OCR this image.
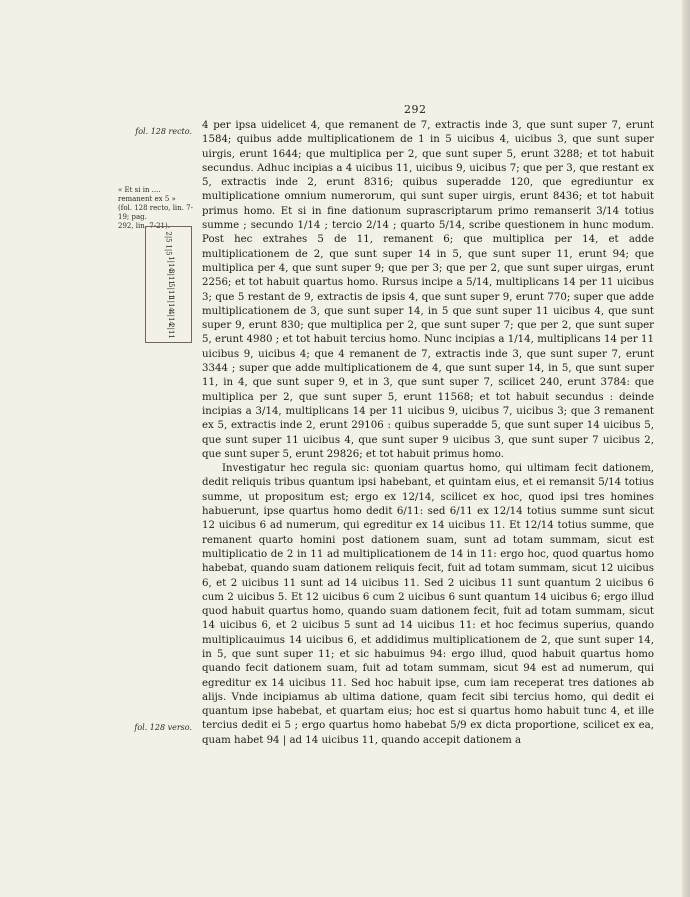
292
fol. 128 recto.

« Et si in .... remanent ex 5 »

(fol. 128 recto, lin. 7-19; pag.

292, lin. 7-21).

2|5
1|5
1|14
3|11
5|11
1|14
4|14
2|11

4 per ipsa uidelicet 4, que remanent de 7, extractis inde 3, que sunt super 7, erunt 1584; quibus adde multiplicationem de 1 in 5 uicibus 4, uicibus 3, que sunt super uirgis, erunt 1644; que multiplica per 2, que sunt super 5, erunt 3288; et tot habuit secundus. Adhuc incipias a 4 uicibus 11, uicibus 9, uicibus 7; que per 3, que restant ex 5, extractis inde 2, erunt 8316; quibus superadde 120, que egrediuntur ex multiplicatione omnium numerorum, qui sunt super uirgis, erunt 8436; et tot habuit primus homo. Et si in fine dationum suprascriptarum primo remanserit 3/14 totius summe ; secundo 1/14 ; tercio 2/14 ; quarto 5/14, scribe questionem in hunc modum. Post hec extrahes 5 de 11, remanent 6; que multiplica per 14, et adde multiplicationem de 2, que sunt super 14 in 5, que sunt super 11, erunt 94; que multiplica per 4, que sunt super 9; que per 3; que per 2, que sunt super uirgas, erunt 2256; et tot habuit quartus homo. Rursus incipe a 5/14, multiplicans 14 per 11 uicibus 3; que 5 restant de 9, extractis de ipsis 4, que sunt super 9, erunt 770; super que adde multiplicationem de 3, que sunt super 14, in 5 que sunt super 11 uicibus 4, que sunt super 9, erunt 830; que multiplica per 2, que sunt super 7; que per 2, que sunt super 5, erunt 4980 ; et tot habuit tercius homo. Nunc incipias a 1/14, multiplicans 14 per 11 uicibus 9, uicibus 4; que 4 remanent de 7, extractis inde 3, que sunt super 7, erunt 3344 ; super que adde multiplicationem de 4, que sunt super 14, in 5, que sunt super 11, in 4, que sunt super 9, et in 3, que sunt super 7, scilicet 240, erunt 3784: que multiplica per 2, que sunt super 5, erunt 11568; et tot habuit secundus : deinde incipias a 3/14, multiplicans 14 per 11 uicibus 9, uicibus 7, uicibus 3; que 3 remanent ex 5, extractis inde 2, erunt 29106 : quibus superadde 5, que sunt super 14 uicibus 5, que sunt super 11 uicibus 4, que sunt super 9 uicibus 3, que sunt super 7 uicibus 2, que sunt super 5, erunt 29826; et tot habuit primus homo.

Investigatur hec regula sic: quoniam quartus homo, qui ultimam fecit dationem, dedit reliquis tribus quantum ipsi habebant, et quintam eius, et ei remansit 5/14 totius summe, ut propositum est; ergo ex 12/14, scilicet ex hoc, quod ipsi tres homines habuerunt, ipse quartus homo dedit 6/11: sed 6/11 ex 12/14 totius summe sunt sicut 12 uicibus 6 ad numerum, qui egreditur ex 14 uicibus 11. Et 12/14 totius summe, que remanent quarto homini post dationem suam, sunt ad totam summam, sicut est multiplicatio de 2 in 11 ad multiplicationem de 14 in 11: ergo hoc, quod quartus homo habebat, quando suam dationem reliquis fecit, fuit ad totam summam, sicut 12 uicibus 6, et 2 uicibus 11 sunt ad 14 uicibus 11. Sed 2 uicibus 11 sunt quantum 2 uicibus 6 cum 2 uicibus 5. Et 12 uicibus 6 cum 2 uicibus 6 sunt quantum 14 uicibus 6; ergo illud quod habuit quartus homo, quando suam dationem fecit, fuit ad totam summam, sicut 14 uicibus 6, et 2 uicibus 5 sunt ad 14 uicibus 11: et hoc fecimus superius, quando multiplicauimus 14 uicibus 6, et addidimus multiplicationem de 2, que sunt super 14, in 5, que sunt super 11; et sic habuimus 94: ergo illud, quod habuit quartus homo quando fecit dationem suam, fuit ad totam summam, sicut 94 est ad numerum, qui egreditur ex 14 uicibus 11. Sed hoc habuit ipse, cum iam receperat tres dationes ab alijs. Vnde incipiamus ab ultima datione, quam fecit sibi tercius homo, qui dedit ei quantum ipse habebat, et quartam eius; hoc est si quartus homo habuit tunc 4, et ille tercius dedit ei 5 ; ergo quartus homo habebat 5/9 ex dicta proportione, scilicet ex ea, quam habet 94 | ad 14 uicibus 11, quando accepit dationem a

fol. 128 verso.
